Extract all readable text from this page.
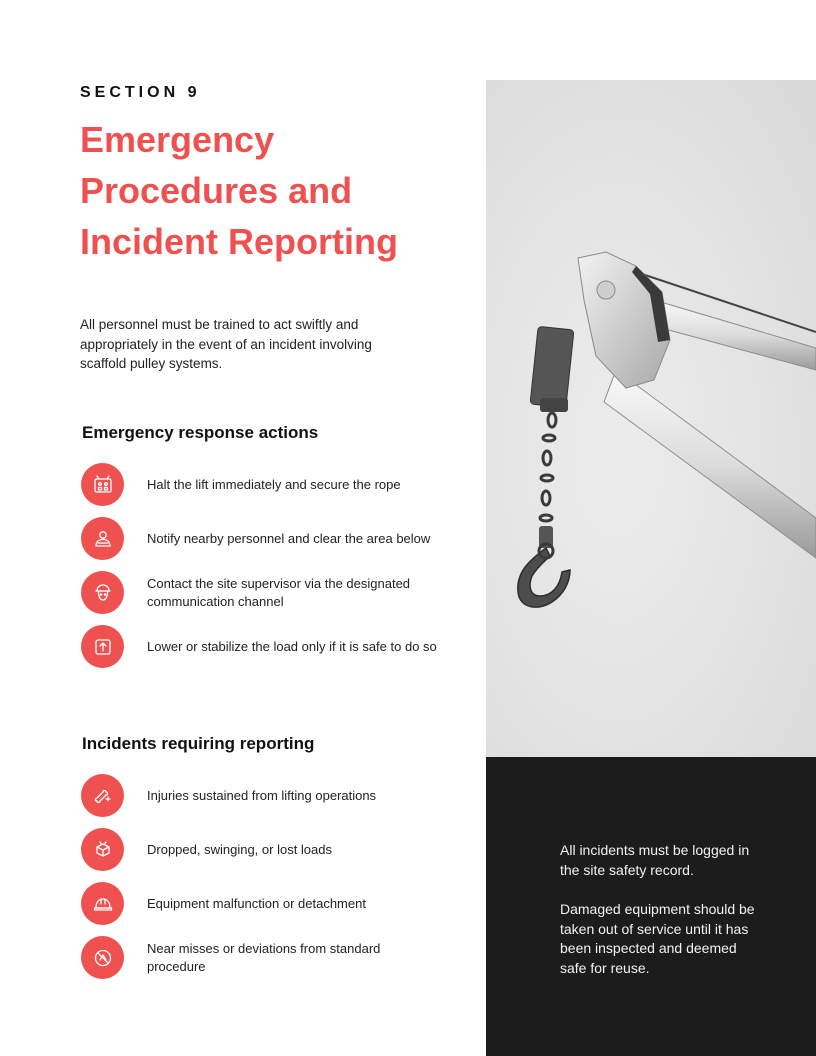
SECTION 9
Emergency
Procedures and
Incident Reporting

All personnel must be trained to act swiftly and appropriately in the event of an incident involving scaffold pulley systems.

Emergency response actions
Halt the lift immediately and secure the rope
Notify nearby personnel and clear the area below
Contact the site supervisor via the designated communication channel
Lower or stabilize the load only if it is safe to do so
Incidents requiring reporting
Injuries sustained from lifting operations
Dropped, swinging, or lost loads
Equipment malfunction or detachment
Near misses or deviations from standard procedure

All incidents must be logged in the site safety record.

Damaged equipment should be taken out of service until it has been inspected and deemed safe for reuse.
